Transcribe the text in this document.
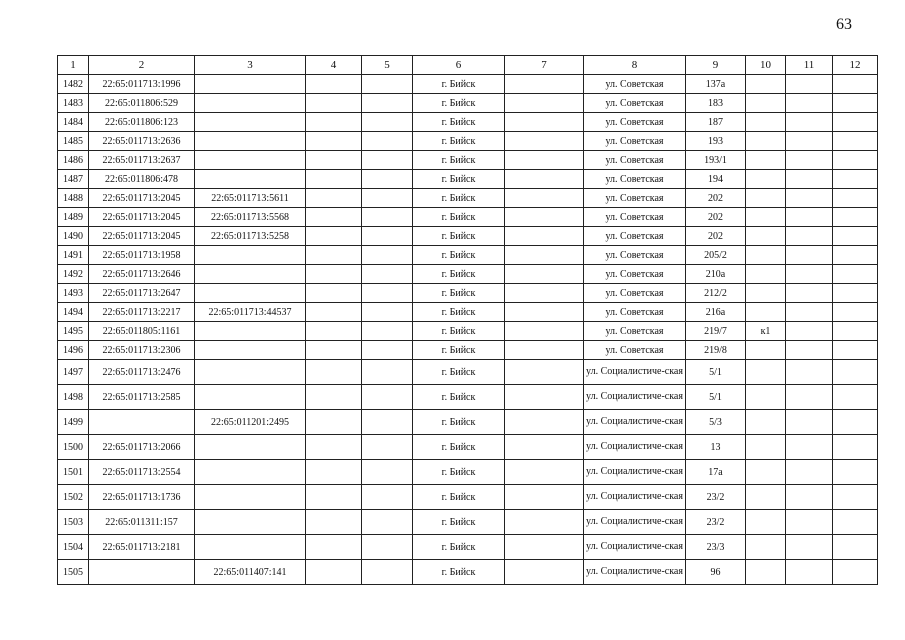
63
1	2	3	4	5	6	7	8	9	10	11	12
1482	22:65:011713:1996				г. Бийск		ул. Советская	137а			
1483	22:65:011806:529				г. Бийск		ул. Советская	183			
1484	22:65:011806:123				г. Бийск		ул. Советская	187			
1485	22:65:011713:2636				г. Бийск		ул. Советская	193			
1486	22:65:011713:2637				г. Бийск		ул. Советская	193/1			
1487	22:65:011806:478				г. Бийск		ул. Советская	194			
1488	22:65:011713:2045	22:65:011713:5611			г. Бийск		ул. Советская	202			
1489	22:65:011713:2045	22:65:011713:5568			г. Бийск		ул. Советская	202			
1490	22:65:011713:2045	22:65:011713:5258			г. Бийск		ул. Советская	202			
1491	22:65:011713:1958				г. Бийск		ул. Советская	205/2			
1492	22:65:011713:2646				г. Бийск		ул. Советская	210а			
1493	22:65:011713:2647				г. Бийск		ул. Советская	212/2			
1494	22:65:011713:2217	22:65:011713:44537			г. Бийск		ул. Советская	216а			
1495	22:65:011805:1161				г. Бийск		ул. Советская	219/7	к1		
1496	22:65:011713:2306				г. Бийск		ул. Советская	219/8			
1497	22:65:011713:2476				г. Бийск		ул. Социалистиче-ская	5/1			
1498	22:65:011713:2585				г. Бийск		ул. Социалистиче-ская	5/1			
1499		22:65:011201:2495			г. Бийск		ул. Социалистиче-ская	5/3			
1500	22:65:011713:2066				г. Бийск		ул. Социалистиче-ская	13			
1501	22:65:011713:2554				г. Бийск		ул. Социалистиче-ская	17а			
1502	22:65:011713:1736				г. Бийск		ул. Социалистиче-ская	23/2			
1503	22:65:011311:157				г. Бийск		ул. Социалистиче-ская	23/2			
1504	22:65:011713:2181				г. Бийск		ул. Социалистиче-ская	23/3			
1505		22:65:011407:141			г. Бийск		ул. Социалистиче-ская	96			
